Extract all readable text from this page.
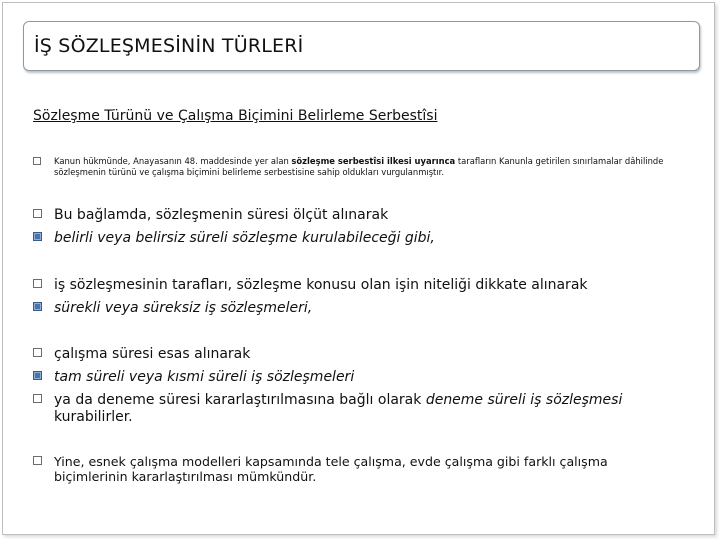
İŞ SÖZLEŞMESİNİN TÜRLERİ
Sözleşme Türünü ve Çalışma Biçimini Belirleme Serbestîsi
Kanun hükmünde, Anayasanın 48. maddesinde yer alan sözleşme serbestîsi ilkesi uyarınca tarafların Kanunla getirilen sınırlamalar dâhilinde sözleşmenin türünü ve çalışma biçimini belirleme serbestisine sahip oldukları vurgulanmıştır.
Bu bağlamda, sözleşmenin süresi ölçüt alınarak
belirli veya belirsiz süreli sözleşme kurulabileceği gibi,
iş sözleşmesinin tarafları, sözleşme konusu olan işin niteliği dikkate alınarak
sürekli veya süreksiz iş sözleşmeleri,
çalışma süresi esas alınarak
tam süreli veya kısmi süreli iş sözleşmeleri
ya da deneme süresi kararlaştırılmasına bağlı olarak deneme süreli iş sözleşmesi kurabilirler.
Yine, esnek çalışma modelleri kapsamında tele çalışma, evde çalışma gibi farklı çalışma biçimlerinin kararlaştırılması mümkündür.
